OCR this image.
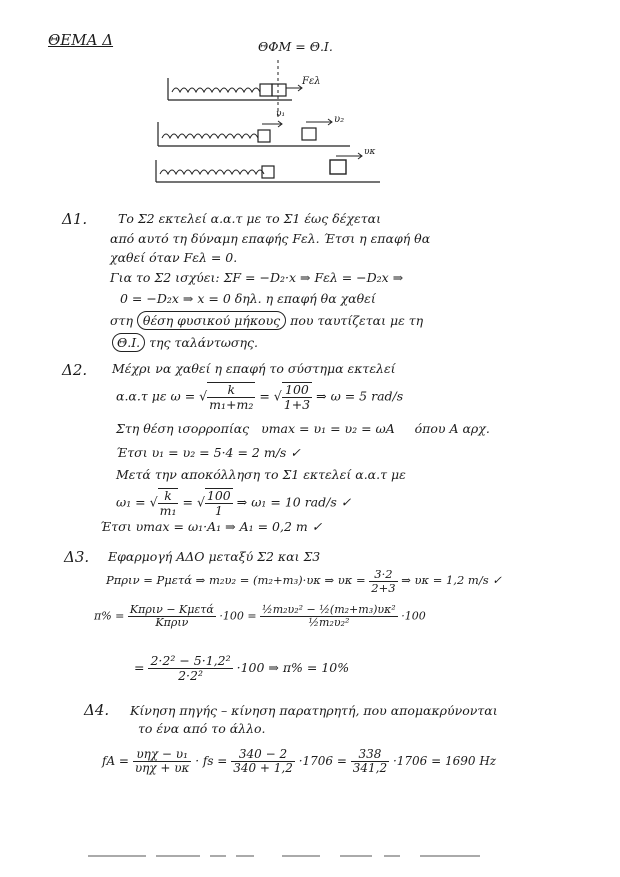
ΘΕΜΑ Δ	ΘΦΜ = Θ.Ι.
Fελ
υ₁	υ₂
υκ
Δ1. Το Σ2 εκτελεί α.α.τ με το Σ1 έως δέχεται
από αυτό τη δύναμη επαφής Fελ. Έτσι η επαφή θα
χαθεί όταν Fελ = 0.
Για το Σ2 ισχύει: ΣF = −D₂·x ⇒ Fελ = −D₂x ⇒
0 = −D₂x ⇒ x = 0 δηλ. η επαφή θα χαθεί
στη θέση φυσικού μήκους που ταυτίζεται με τη
Θ.Ι. της ταλάντωσης.
Δ2. Μέχρι να χαθεί η επαφή το σύστημα εκτελεί
α.α.τ με ω = √ $\frac{k}{\text{m₁+m₂}}$ = √ $\frac{100}{1+3}$ ⇒ ω = 5 rad/s
Στη θέση ισορροπίας υmax = υ₁ = υ₂ = ωA όπου Α αρχ.
Έτσι υ₁ = υ₂ = 5·4 = 2 m/s ✓
Μετά την αποκόλληση το Σ1 εκτελεί α.α.τ με
ω₁ = √ $\frac{k}{\text{m₁}}$ = √ $\frac{100}{1}$ ⇒ ω₁ = 10 rad/s ✓
Έτσι υmax = ω₁·A₁ ⇒ A₁ = 0,2 m ✓
Δ3. Εφαρμογή ΑΔΟ μεταξύ Σ2 και Σ3
Pπριν = Pμετά ⇒ m₂υ₂ = (m₂+m₃)·υκ ⇒ $\upsilon\kappa = \frac{3\cdot 2}{2+3}$ ⇒ υκ = 1,2 m/s ✓
$\pi\% = \frac{\text{Kπριν − Kμετά}}{\text{Kπριν}} \cdot 100 = \frac{\text{½m₂υ₂² − ½(m₂+m₃)υκ²}}{\text{½m₂υ₂²}} \cdot 100$
= $\frac{\text{2·2² − 5·1,2²}}{\text{2·2²}} \cdot 100$ ⇒ π% = 10%
Δ4. Κίνηση πηγής – κίνηση παρατηρητή, που απομακρύνονται
το ένα από το άλλο.
$fA = \frac{\text{υηχ − υ₁}}{\text{υηχ + υκ}}$ · fs = $\frac{340 - 2}{340 + 1,2} \cdot 1706 = \frac{338}{341,2} \cdot 1706 = 1690$ Hz
